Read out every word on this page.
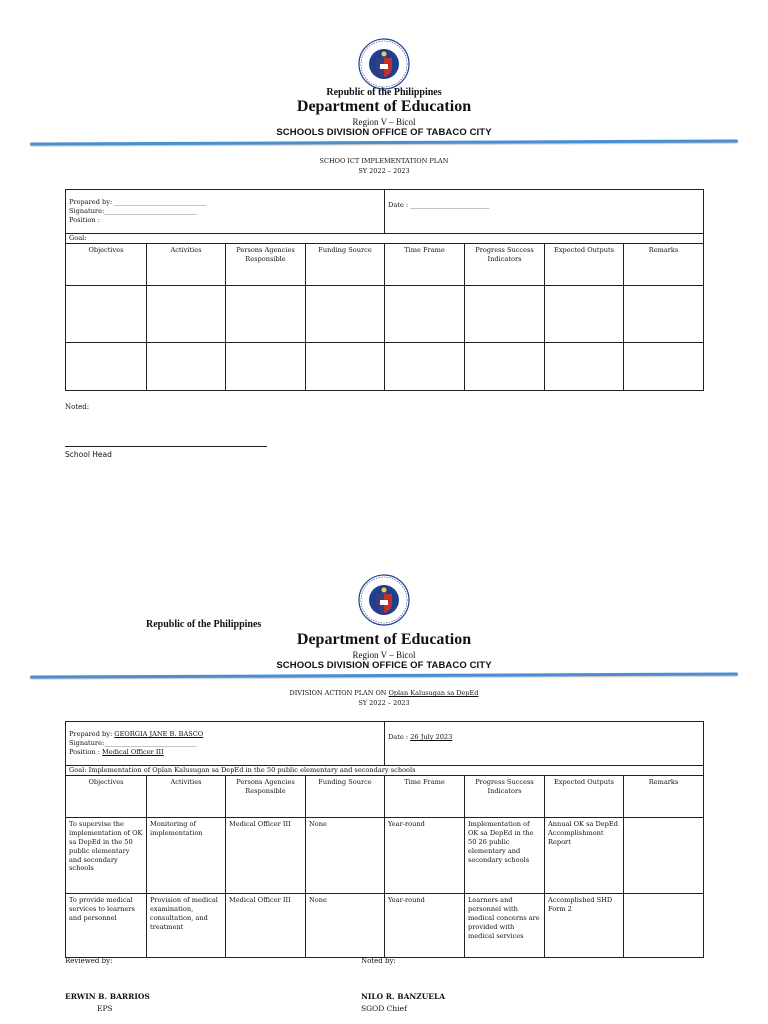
Republic of the Philippines
Department of Education
Region V – Bicol
SCHOOLS DIVISION OFFICE OF TABACO CITY
SCHOO ICT IMPLEMENTATION PLAN
SY 2022 – 2023
Prepared by: ____________________________
Signature:____________________________
Position :				Date : ________________________			
Goal:							
Objectives	Activities	Persons Agencies Responsible	Funding Source	Time Frame	Progress Success Indicators	Expected Outputs	Remarks

Noted:
School Head
Republic of the Philippines
Department of Education
Region V – Bicol
SCHOOLS DIVISION OFFICE OF TABACO CITY
DIVISION ACTION PLAN ON Oplan Kalusugan sa DepEd
SY 2022 – 2023
Prepared by: GEORGIA JANE B. BASCO
Signature:____________________________
Position : Medical Officer III				Date : 26 July 2023			
Goal: Implementation of Oplan Kalusugan sa DepEd in the 50 public elementary and secondary schools							
Objectives	Activities	Persons Agencies Responsible	Funding Source	Time Frame	Progress Success Indicators	Expected Outputs	Remarks
To supervise the implementation of OK sa DepEd in the 50 public elementary and secondary schools	Monitoring of implementation	Medical Officer III	None	Year-round	Implementation of OK sa DepEd in the 50 26 public elementary and secondary schools	Annual OK sa DepEd Accomplishment Report	
To provide medical services to learners and personnel	Provision of medical examination, consultation, and treatment	Medical Officer III	None	Year-round	Learners and personnel with medical concerns are provided with medical services	Accomplished SHD Form 2	
Reviewed by:	Noted by:
ERWIN B. BARRIOS
EPS
NILO R. BANZUELA
SGOD Chief
